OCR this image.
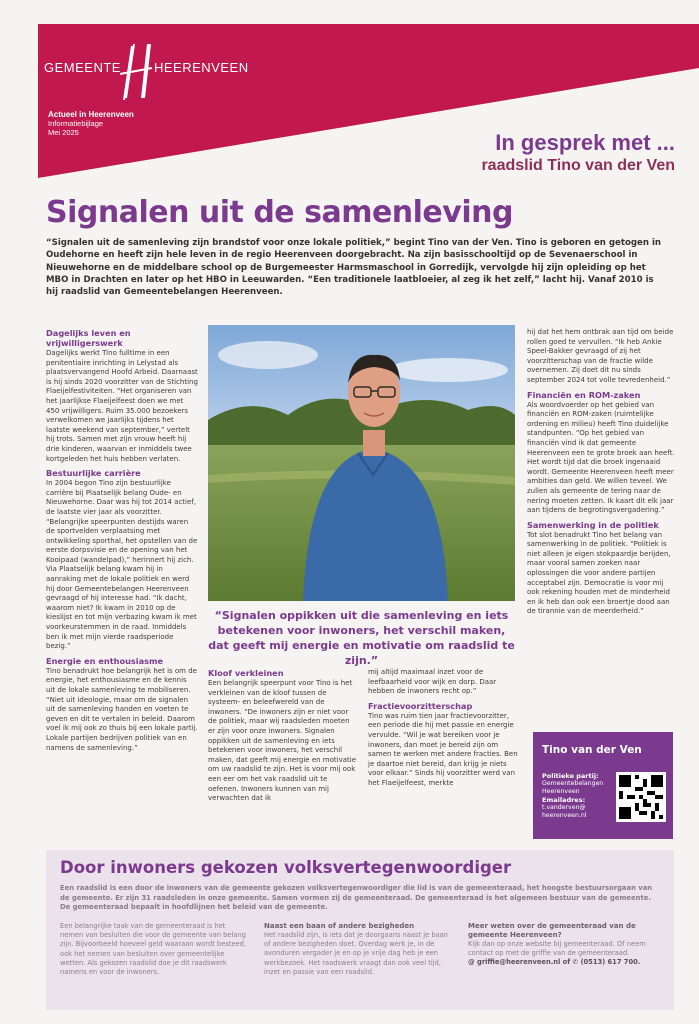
GEMEENTE	HEERENVEEN
Actueel in Heerenveen
Informatiebijlage
Mei 2025	In gesprek met ...
raadslid Tino van der Ven
Signalen uit de samenleving

“Signalen uit de samenleving zijn brandstof voor onze lokale politiek,” begint Tino van der Ven. Tino is geboren en getogen in Oudehorne en heeft zijn hele leven in de regio Heerenveen doorgebracht. Na zijn basisschooltijd op de Sevenaerschool in Nieuwehorne en de middelbare school op de Burgemeester Harmsmaschool in Gorredijk, vervolgde hij zijn opleiding op het MBO in Drachten en later op het HBO in Leeuwarden. “Een traditionele laatbloeier, al zeg ik het zelf,” lacht hij. Vanaf 2010 is hij raadslid van Gemeentebelangen Heerenveen.

Dagelijks leven en vrijwilligerswerk

Dagelijks werkt Tino fulltime in een penitentiaire inrichting in Lelystad als plaatsvervangend Hoofd Arbeid. Daarnaast is hij sinds 2020 voorzitter van de Stichting Flaeijelfestiviteiten. “Het organiseren van het jaarlijkse Flaeijelfeest doen we met 450 vrijwilligers. Ruim 35.000 bezoekers verwelkomen we jaarlijks tijdens het laatste weekend van september,” vertelt hij trots. Samen met zijn vrouw heeft hij drie kinderen, waarvan er inmiddels twee kortgeleden het huis hebben verlaten.

Bestuurlijke carrière

In 2004 begon Tino zijn bestuurlijke carrière bij Plaatselijk belang Oude- en Nieuwehorne. Daar was hij tot 2014 actief, de laatste vier jaar als voorzitter. “Belangrijke speerpunten destijds waren de sportvelden verplaatsing met ontwikkeling sporthal, het opstellen van de eerste dorpsvisie en de opening van het Kooipaad (wandelpad),” herinnert hij zich. Via Plaatselijk belang kwam hij in aanraking met de lokale politiek en werd hij door Gemeentebelangen Heerenveen gevraagd of hij interesse had. “Ik dacht, waarom niet? Ik kwam in 2010 op de kieslijst en tot mijn verbazing kwam ik met voorkeurstemmen in de raad. Inmiddels ben ik met mijn vierde raadsperiode bezig.”

Energie en enthousiasme

Tino benadrukt hoe belangrijk het is om de energie, het enthousiasme en de kennis uit de lokale samenleving te mobiliseren. “Niet uit ideologie, maar om de signalen uit de samenleving handen en voeten te geven en dit te vertalen in beleid. Daarom voel ik mij ook zo thuis bij een lokale partij. Lokale partijen bedrijven politiek van en namens de samenleving.”

“Signalen oppikken uit die samenleving en iets betekenen voor inwoners, het verschil maken, dat geeft mij energie en motivatie om raadslid te zijn.”
Kloof verkleinen

Een belangrijk speerpunt voor Tino is het verkleinen van de kloof tussen de systeem- en beleefwereld van de inwoners. “De inwoners zijn er niet voor de politiek, maar wij raadsleden moeten er zijn voor onze inwoners. Signalen oppikken uit de samenleving en iets betekenen voor inwoners, het verschil maken, dat geeft mij energie en motivatie om uw raadslid te zijn. Het is voor mij ook een eer om het vak raadslid uit te oefenen. Inwoners kunnen van mij verwachten dat ik

mij altijd maximaal inzet voor de leefbaarheid voor wijk en dorp. Daar hebben de inwoners recht op.”

Fractievoorzitterschap

Tino was ruim tien jaar fractievoorzitter, een periode die hij met passie en energie vervulde. “Wil je wat bereiken voor je inwoners, dan moet je bereid zijn om samen te werken met andere fracties. Ben je daartoe niet bereid, dan krijg je niets voor elkaar.” Sinds hij voorzitter werd van het Flaeijelfeest, merkte

hij dat het hem ontbrak aan tijd om beide rollen goed te vervullen. “Ik heb Ankie Speel-Bakker gevraagd of zij het voorzitterschap van de fractie wilde overnemen. Zij doet dit nu sinds september 2024 tot volle tevredenheid.”

Financiën en ROM-zaken

Als woordvoerder op het gebied van financiën en ROM-zaken (ruimtelijke ordening en milieu) heeft Tino duidelijke standpunten. “Op het gebied van financiën vind ik dat gemeente Heerenveen een te grote broek aan heeft. Het wordt tijd dat die broek ingenaaid wordt. Gemeente Heerenveen heeft meer ambities dan geld. We willen teveel. We zullen als gemeente de tering naar de nering moeten zetten. Ik kaart dit elk jaar aan tijdens de begrotingsvergadering.”

Samenwerking in de politiek

Tot slot benadrukt Tino het belang van samenwerking in de politiek. “Politiek is niet alleen je eigen stokpaardje berijden, maar vooral samen zoeken naar oplossingen die voor andere partijen acceptabel zijn. Democratie is voor mij ook rekening houden met de minderheid en ik heb dan ook een broertje dood aan de tirannie van de meerderheid.”

Tino van der Ven
Politieke partij:
Gemeentebelangen
Heerenveen
Emailadres:
t.vanderven@
heerenveen.nl
Door inwoners gekozen volksvertegenwoordiger

Een raadslid is een door de inwoners van de gemeente gekozen volksvertegenwoordiger die lid is van de gemeenteraad, het hoogste bestuursorgaan van de gemeente. Er zijn 31 raadsleden in onze gemeente. Samen vormen zij de gemeenteraad. De gemeenteraad is het algemeen bestuur van de gemeente. De gemeenteraad bepaalt in hoofdlijnen het beleid van de gemeente.

Een belangrijke taak van de gemeenteraad is het nemen van besluiten die voor de gemeente van belang zijn. Bijvoorbeeld hoeveel geld waaraan wordt besteed, ook het nemen van besluiten over gemeentelijke wetten. Als gekozen raadslid doe je dit raadswerk namens en voor de inwoners.

Naast een baan of andere bezigheden

Het raadslid zijn, is iets dat je doorgaans naast je baan of andere bezigheden doet. Overdag werk je, in de avonduren vergader je en op je vrije dag heb je een werkbezoek. Het raadswerk vraagt dan ook veel tijd, inzet en passie van een raadslid.

Meer weten over de gemeenteraad van de gemeente Heerenveen?

Kijk dan op onze website bij gemeenteraad. Of neem contact op met de griffie van de gemeenteraad.

@ griffie@heerenveen.nl of ✆ (0513) 617 700.
